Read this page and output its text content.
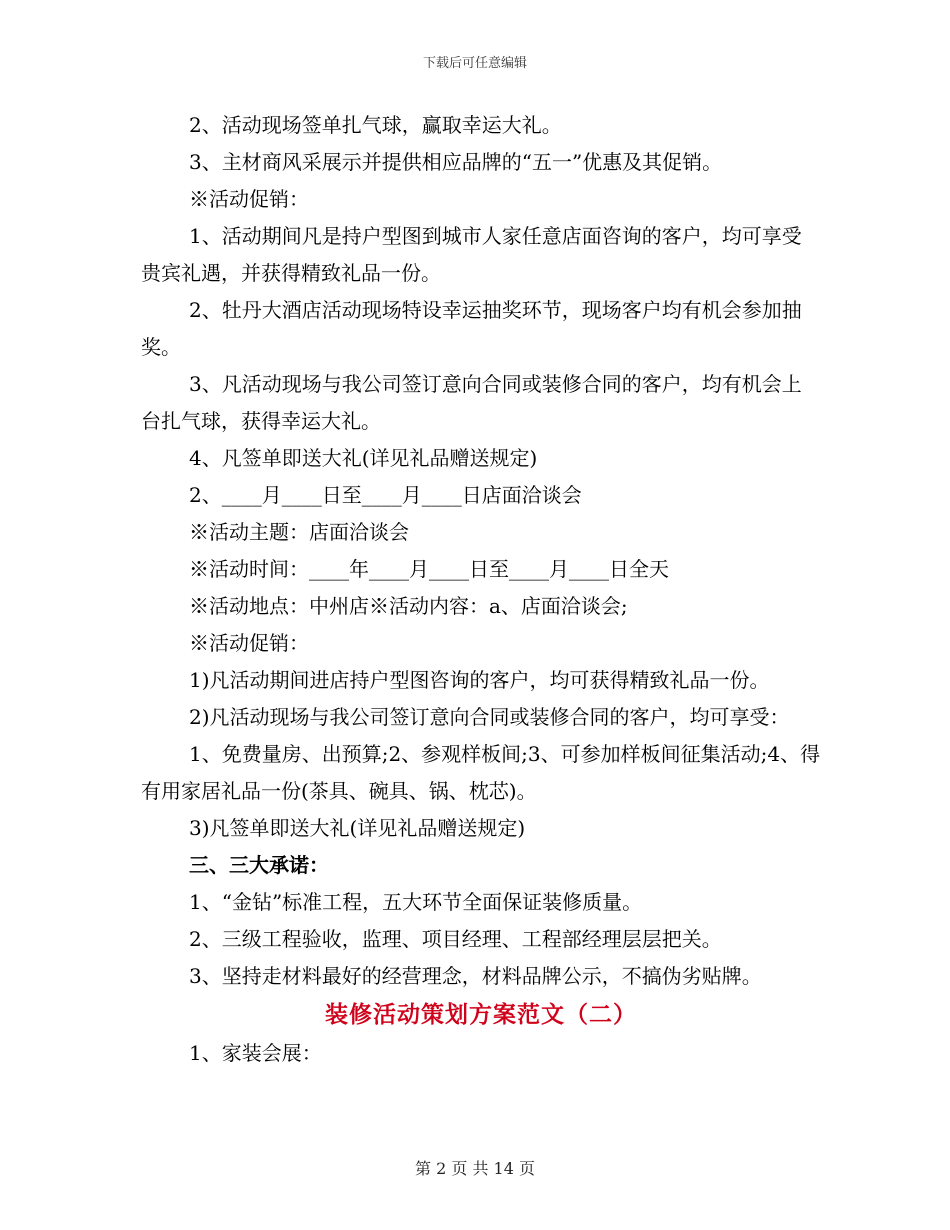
下载后可任意编辑

2、活动现场签单扎气球，赢取幸运大礼。

3、主材商风采展示并提供相应品牌的“五一”优惠及其促销。

※活动促销：

1、活动期间凡是持户型图到城市人家任意店面咨询的客户，均可享受贵宾礼遇，并获得精致礼品一份。

2、牡丹大酒店活动现场特设幸运抽奖环节，现场客户均有机会参加抽奖。

3、凡活动现场与我公司签订意向合同或装修合同的客户，均有机会上台扎气球，获得幸运大礼。

4、凡签单即送大礼(详见礼品赠送规定)

2、____月____日至____月____日店面洽谈会

※活动主题：店面洽谈会

※活动时间：____年____月____日至____月____日全天

※活动地点：中州店※活动内容：a、店面洽谈会;

※活动促销：

1)凡活动期间进店持户型图咨询的客户，均可获得精致礼品一份。

2)凡活动现场与我公司签订意向合同或装修合同的客户，均可享受：

1、免费量房、出预算;2、参观样板间;3、可参加样板间征集活动;4、得有用家居礼品一份(茶具、碗具、锅、枕芯)。

3)凡签单即送大礼(详见礼品赠送规定)

三、三大承诺：

1、“金钻”标准工程，五大环节全面保证装修质量。

2、三级工程验收，监理、项目经理、工程部经理层层把关。

3、坚持走材料最好的经营理念，材料品牌公示，不搞伪劣贴牌。

装修活动策划方案范文（二）

1、家装会展：

第 2 页 共 14 页
